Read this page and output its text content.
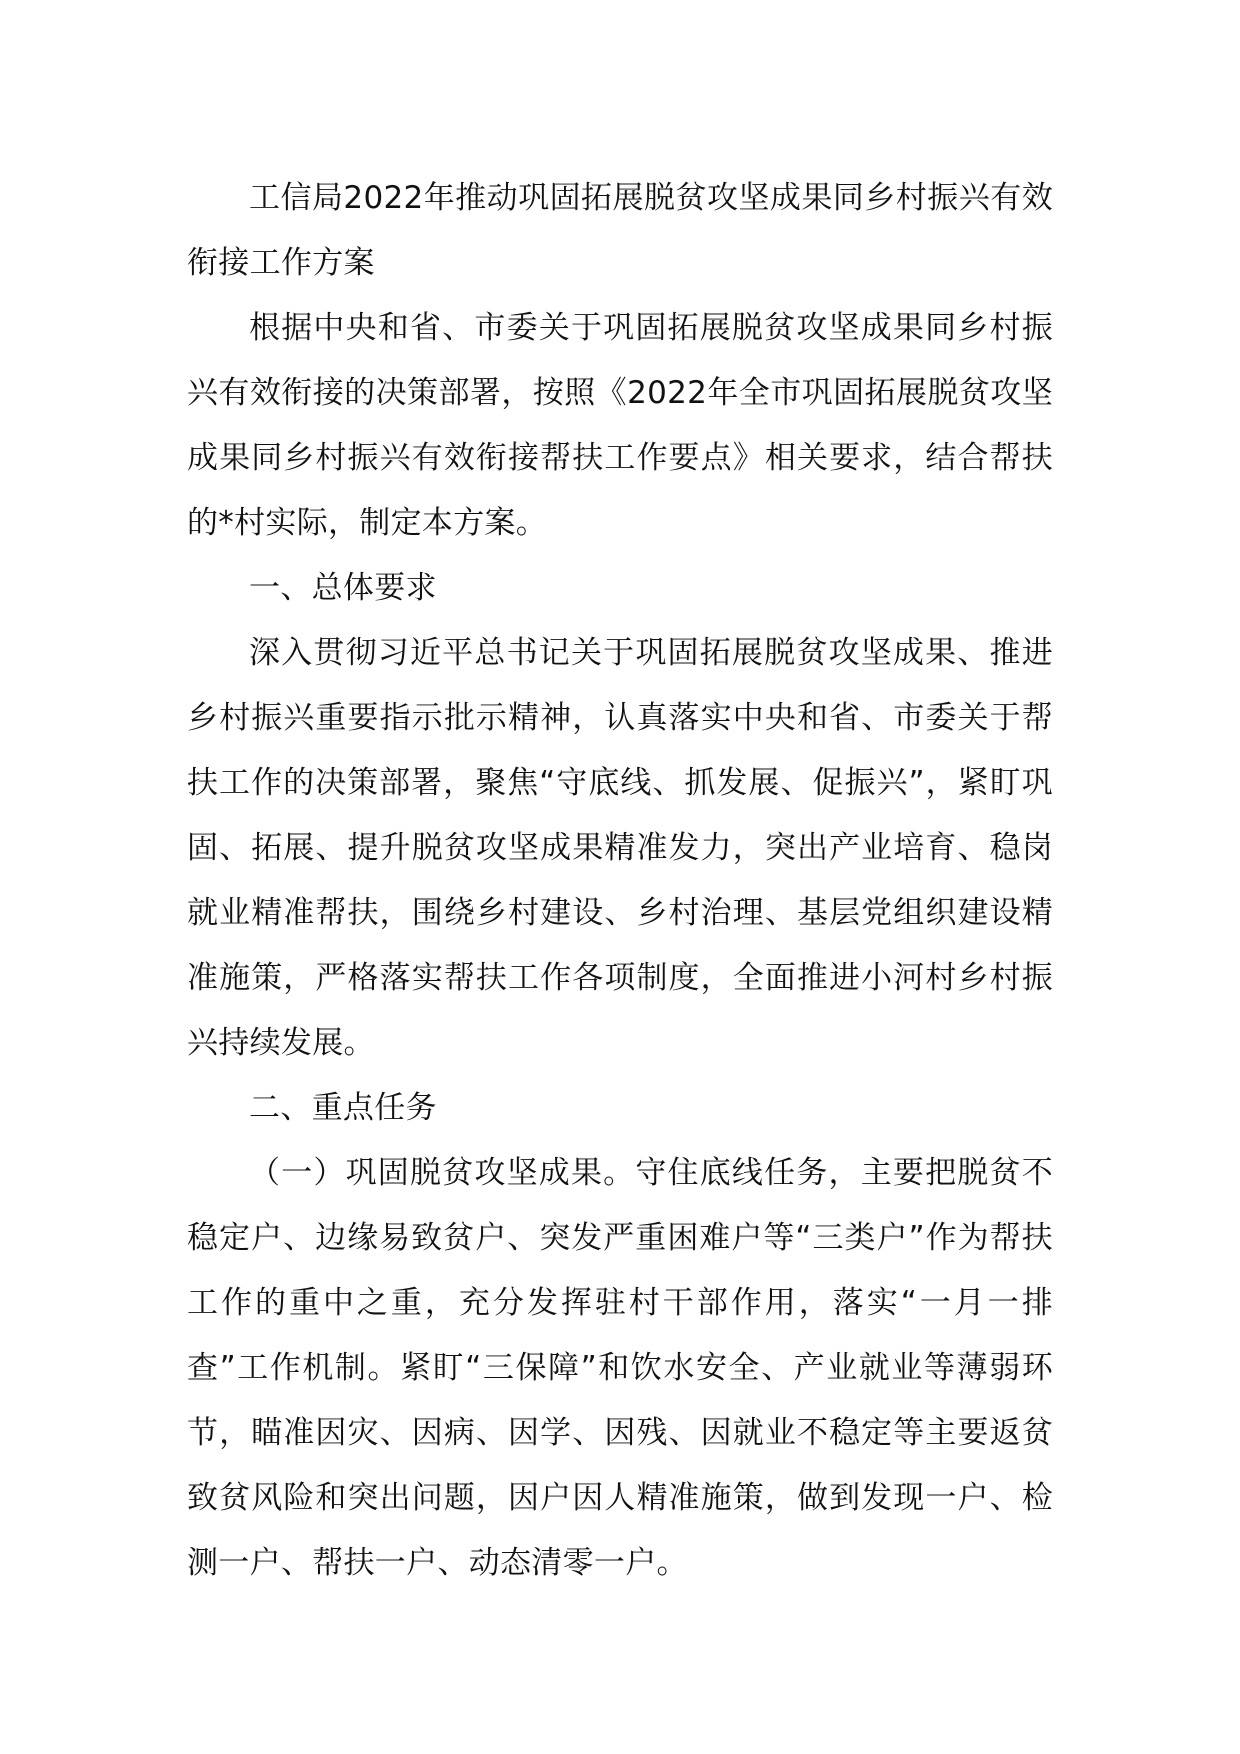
工信局2022年推动巩固拓展脱贫攻坚成果同乡村振兴有效衔接工作方案

根据中央和省、市委关于巩固拓展脱贫攻坚成果同乡村振兴有效衔接的决策部署，按照《2022年全市巩固拓展脱贫攻坚成果同乡村振兴有效衔接帮扶工作要点》相关要求，结合帮扶的*村实际，制定本方案。

一、总体要求

深入贯彻习近平总书记关于巩固拓展脱贫攻坚成果、推进乡村振兴重要指示批示精神，认真落实中央和省、市委关于帮扶工作的决策部署，聚焦“守底线、抓发展、促振兴”，紧盯巩固、拓展、提升脱贫攻坚成果精准发力，突出产业培育、稳岗就业精准帮扶，围绕乡村建设、乡村治理、基层党组织建设精准施策，严格落实帮扶工作各项制度，全面推进小河村乡村振兴持续发展。

二、重点任务

（一）巩固脱贫攻坚成果。守住底线任务，主要把脱贫不稳定户、边缘易致贫户、突发严重困难户等“三类户”作为帮扶工作的重中之重，充分发挥驻村干部作用，落实“一月一排查”工作机制。紧盯“三保障”和饮水安全、产业就业等薄弱环节，瞄准因灾、因病、因学、因残、因就业不稳定等主要返贫致贫风险和突出问题，因户因人精准施策，做到发现一户、检测一户、帮扶一户、动态清零一户。
